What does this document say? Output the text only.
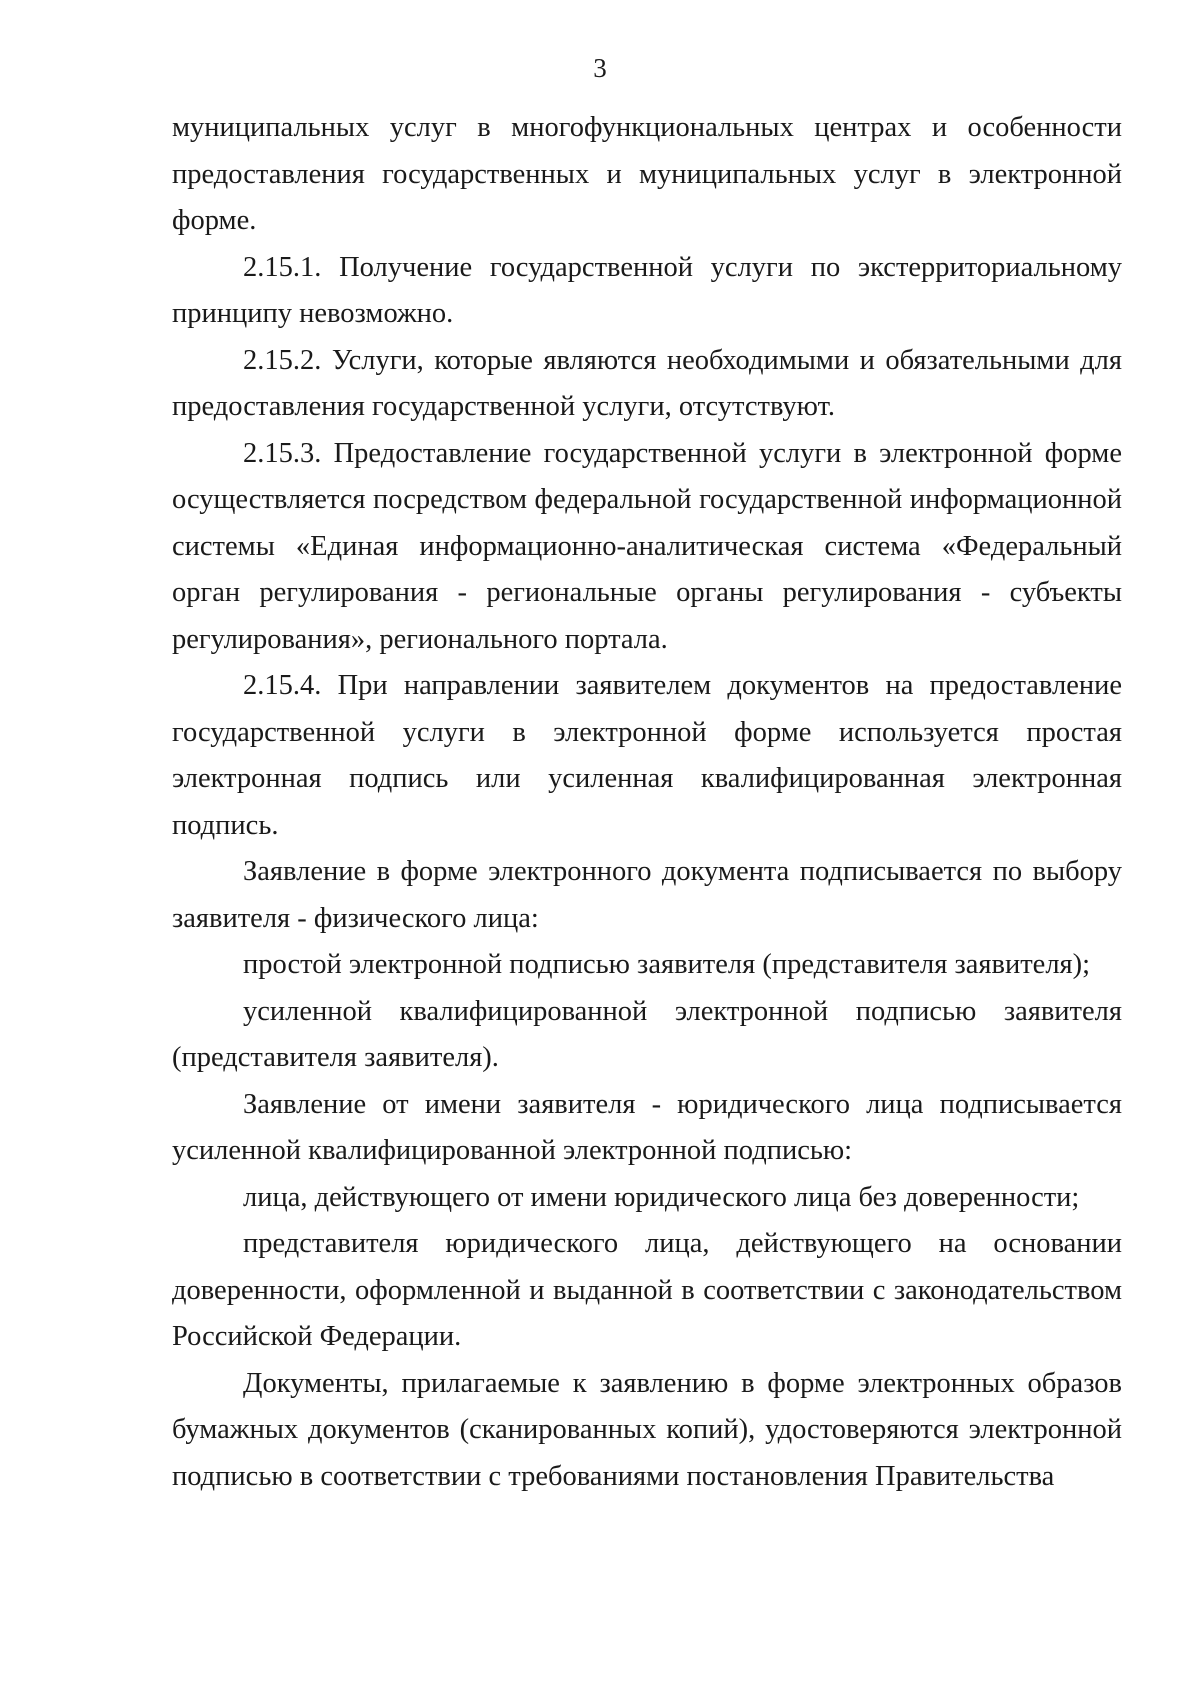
3

муниципальных услуг в многофункциональных центрах и особенности предоставления государственных и муниципальных услуг в электронной форме.

2.15.1. Получение государственной услуги по экстерриториальному принципу невозможно.

2.15.2. Услуги, которые являются необходимыми и обязательными для предоставления государственной услуги, отсутствуют.

2.15.3. Предоставление государственной услуги в электронной форме осуществляется посредством федеральной государственной информационной системы «Единая информационно-аналитическая система «Федеральный орган регулирования - региональные органы регулирования - субъекты регулирования», регионального портала.

2.15.4. При направлении заявителем документов на предоставление государственной услуги в электронной форме используется простая электронная подпись или усиленная квалифицированная электронная подпись.

Заявление в форме электронного документа подписывается по выбору заявителя - физического лица:

простой электронной подписью заявителя (представителя заявителя);

усиленной квалифицированной электронной подписью заявителя (представителя заявителя).

Заявление от имени заявителя - юридического лица подписывается усиленной квалифицированной электронной подписью:

лица, действующего от имени юридического лица без доверенности;

представителя юридического лица, действующего на основании доверенности, оформленной и выданной в соответствии с законодательством Российской Федерации.

Документы, прилагаемые к заявлению в форме электронных образов бумажных документов (сканированных копий), удостоверяются электронной подписью в соответствии с требованиями постановления Правительства
